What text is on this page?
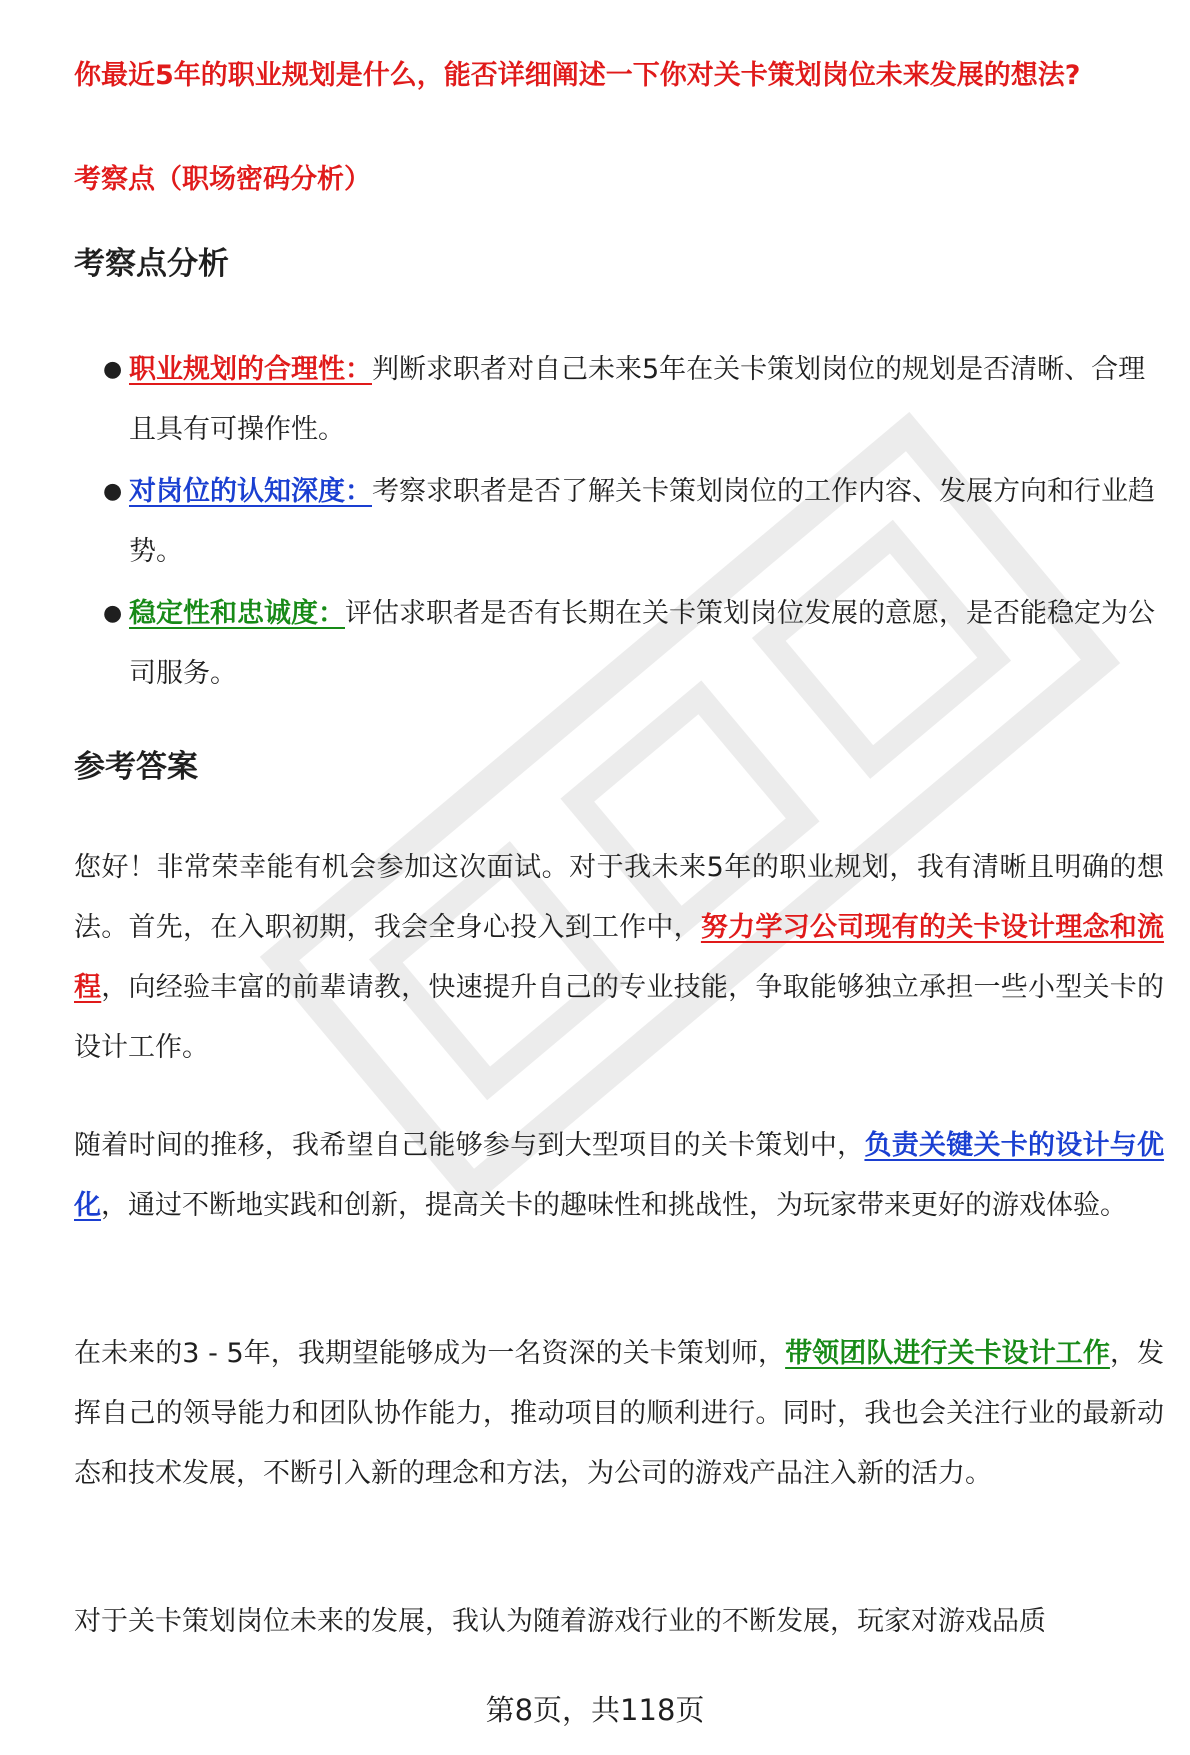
你最近5年的职业规划是什么，能否详细阐述一下你对关卡策划岗位未来发展的想法?

考察点（职场密码分析）

考察点分析
● 职业规划的合理性：判断求职者对自己未来5年在关卡策划岗位的规划是否清晰、合理且具有可操作性。
● 对岗位的认知深度：考察求职者是否了解关卡策划岗位的工作内容、发展方向和行业趋势。
● 稳定性和忠诚度：评估求职者是否有长期在关卡策划岗位发展的意愿，是否能稳定为公司服务。
参考答案

您好！非常荣幸能有机会参加这次面试。对于我未来5年的职业规划，我有清晰且明确的想法。首先，在入职初期，我会全身心投入到工作中，努力学习公司现有的关卡设计理念和流程，向经验丰富的前辈请教，快速提升自己的专业技能，争取能够独立承担一些小型关卡的设计工作。

随着时间的推移，我希望自己能够参与到大型项目的关卡策划中，负责关键关卡的设计与优化，通过不断地实践和创新，提高关卡的趣味性和挑战性，为玩家带来更好的游戏体验。

在未来的3 - 5年，我期望能够成为一名资深的关卡策划师，带领团队进行关卡设计工作，发挥自己的领导能力和团队协作能力，推动项目的顺利进行。同时，我也会关注行业的最新动态和技术发展，不断引入新的理念和方法，为公司的游戏产品注入新的活力。

对于关卡策划岗位未来的发展，我认为随着游戏行业的不断发展，玩家对游戏品质

第8页，共118页
